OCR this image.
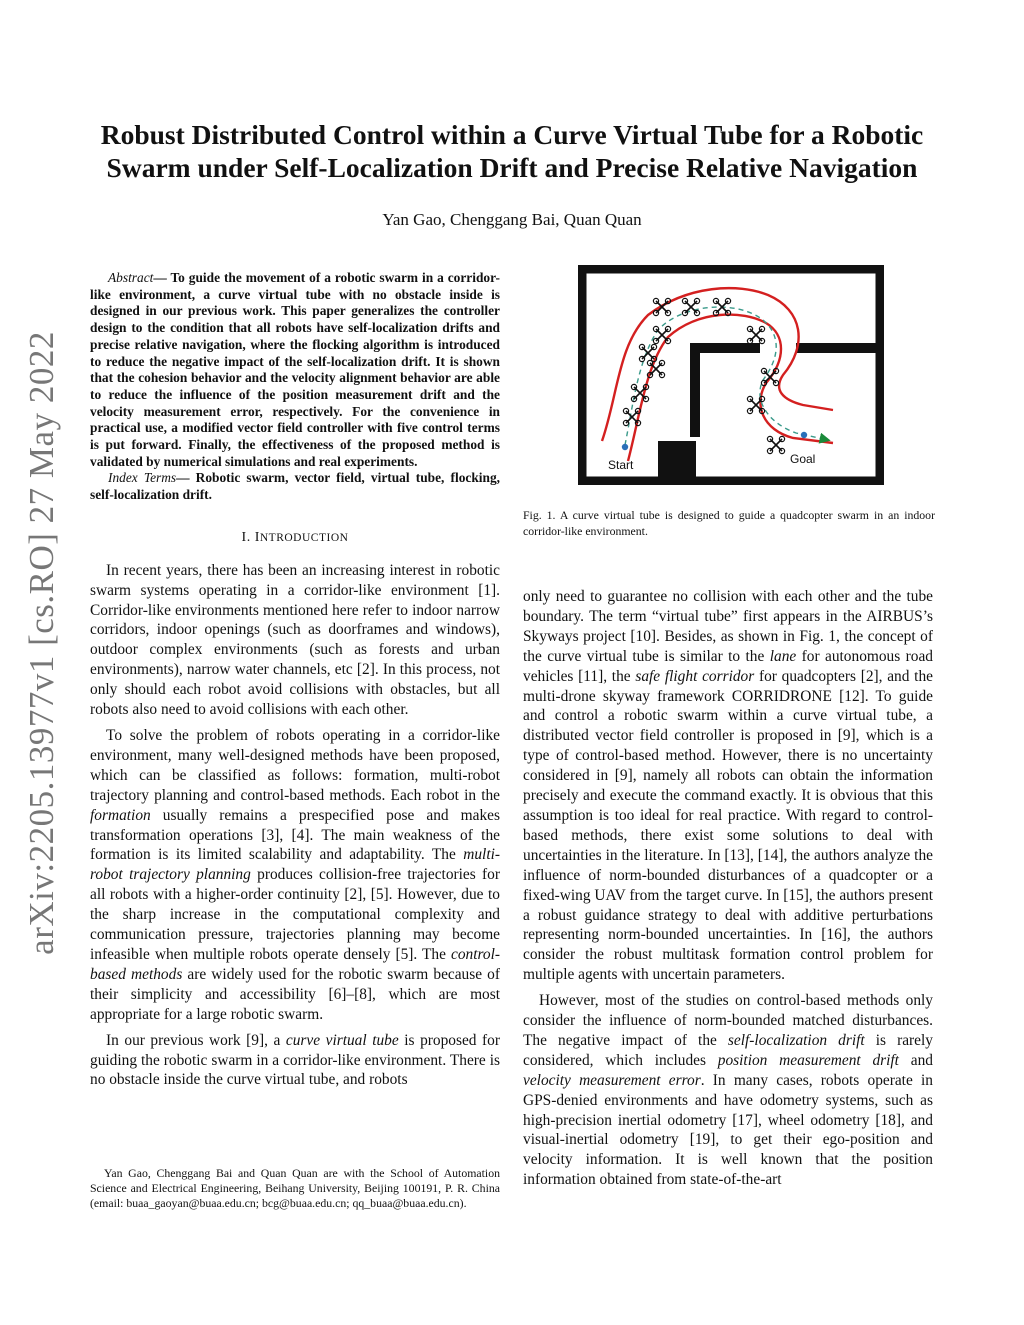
arXiv:2205.13977v1 [cs.RO] 27 May 2022
Robust Distributed Control within a Curve Virtual Tube for a Robotic
Swarm under Self-Localization Drift and Precise Relative Navigation

Yan Gao, Chenggang Bai, Quan Quan

Abstract— To guide the movement of a robotic swarm in a corridor-like environment, a curve virtual tube with no obstacle inside is designed in our previous work. This paper generalizes the controller design to the condition that all robots have self-localization drifts and precise relative navigation, where the flocking algorithm is introduced to reduce the negative impact of the self-localization drift. It is shown that the cohesion behavior and the velocity alignment behavior are able to reduce the influence of the position measurement drift and the velocity measurement error, respectively. For the convenience in practical use, a modified vector field controller with five control terms is put forward. Finally, the effectiveness of the proposed method is validated by numerical simulations and real experiments.

Index Terms— Robotic swarm, vector field, virtual tube, flocking, self-localization drift.

I. INTRODUCTION

In recent years, there has been an increasing interest in robotic swarm systems operating in a corridor-like environment [1]. Corridor-like environments mentioned here refer to indoor narrow corridors, indoor openings (such as doorframes and windows), outdoor complex environments (such as forests and urban environments), narrow water channels, etc [2]. In this process, not only should each robot avoid collisions with obstacles, but all robots also need to avoid collisions with each other.

To solve the problem of robots operating in a corridor-like environment, many well-designed methods have been proposed, which can be classified as follows: formation, multi-robot trajectory planning and control-based methods. Each robot in the formation usually remains a prespecified pose and makes transformation operations [3], [4]. The main weakness of the formation is its limited scalability and adaptability. The multi-robot trajectory planning produces collision-free trajectories for all robots with a higher-order continuity [2], [5]. However, due to the sharp increase in the computational complexity and communication pressure, trajectories planning may become infeasible when multiple robots operate densely [5]. The control-based methods are widely used for the robotic swarm because of their simplicity and accessibility [6]–[8], which are most appropriate for a large robotic swarm.

In our previous work [9], a curve virtual tube is proposed for guiding the robotic swarm in a corridor-like environment. There is no obstacle inside the curve virtual tube, and robots

Yan Gao, Chenggang Bai and Quan Quan are with the School of Automation Science and Electrical Engineering, Beihang University, Beijing 100191, P. R. China (email: buaa_gaoyan@buaa.edu.cn; bcg@buaa.edu.cn; qq_buaa@buaa.edu.cn).

Start	Goal

Fig. 1. A curve virtual tube is designed to guide a quadcopter swarm in an indoor corridor-like environment.

only need to guarantee no collision with each other and the tube boundary. The term “virtual tube” first appears in the AIRBUS’s Skyways project [10]. Besides, as shown in Fig. 1, the concept of the curve virtual tube is similar to the lane for autonomous road vehicles [11], the safe flight corridor for quadcopters [2], and the multi-drone skyway framework CORRIDRONE [12]. To guide and control a robotic swarm within a curve virtual tube, a distributed vector field controller is proposed in [9], which is a type of control-based method. However, there is no uncertainty considered in [9], namely all robots can obtain the information precisely and execute the command exactly. It is obvious that this assumption is too ideal for real practice. With regard to control-based methods, there exist some solutions to deal with uncertainties in the literature. In [13], [14], the authors analyze the influence of norm-bounded disturbances of a quadcopter or a fixed-wing UAV from the target curve. In [15], the authors present a robust guidance strategy to deal with additive perturbations representing norm-bounded uncertainties. In [16], the authors consider the robust multitask formation control problem for multiple agents with uncertain parameters.

However, most of the studies on control-based methods only consider the influence of norm-bounded matched disturbances. The negative impact of the self-localization drift is rarely considered, which includes position measurement drift and velocity measurement error. In many cases, robots operate in GPS-denied environments and have odometry systems, such as high-precision inertial odometry [17], wheel odometry [18], and visual-inertial odometry [19], to get their ego-position and velocity information. It is well known that the position information obtained from state-of-the-art
